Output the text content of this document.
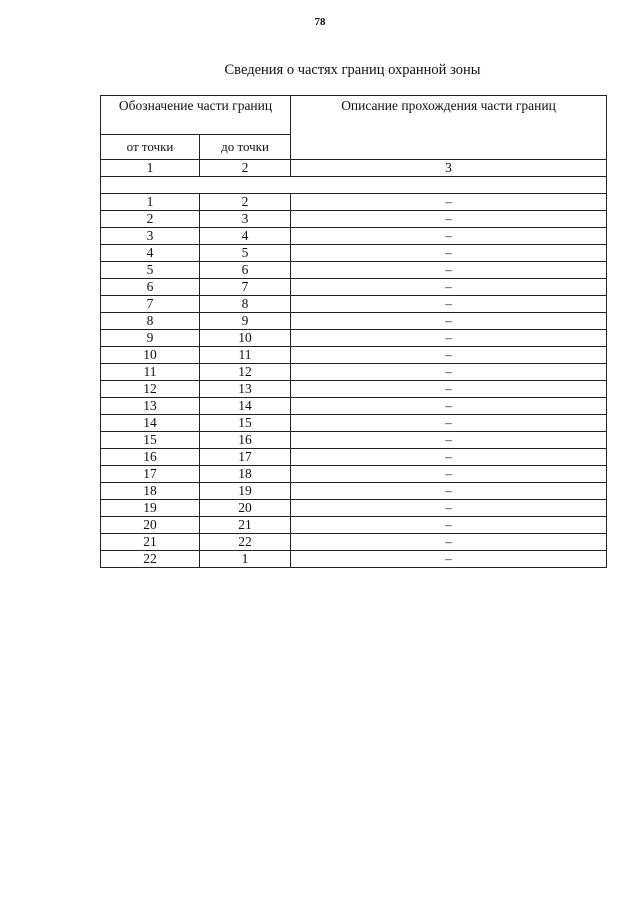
78
Сведения о частях границ охранной зоны
Обозначение части границ		Описание прохождения части границ
от точки	до точки	
1	2	3

1	2	–
2	3	–
3	4	–
4	5	–
5	6	–
6	7	–
7	8	–
8	9	–
9	10	–
10	11	–
11	12	–
12	13	–
13	14	–
14	15	–
15	16	–
16	17	–
17	18	–
18	19	–
19	20	–
20	21	–
21	22	–
22	1	–
